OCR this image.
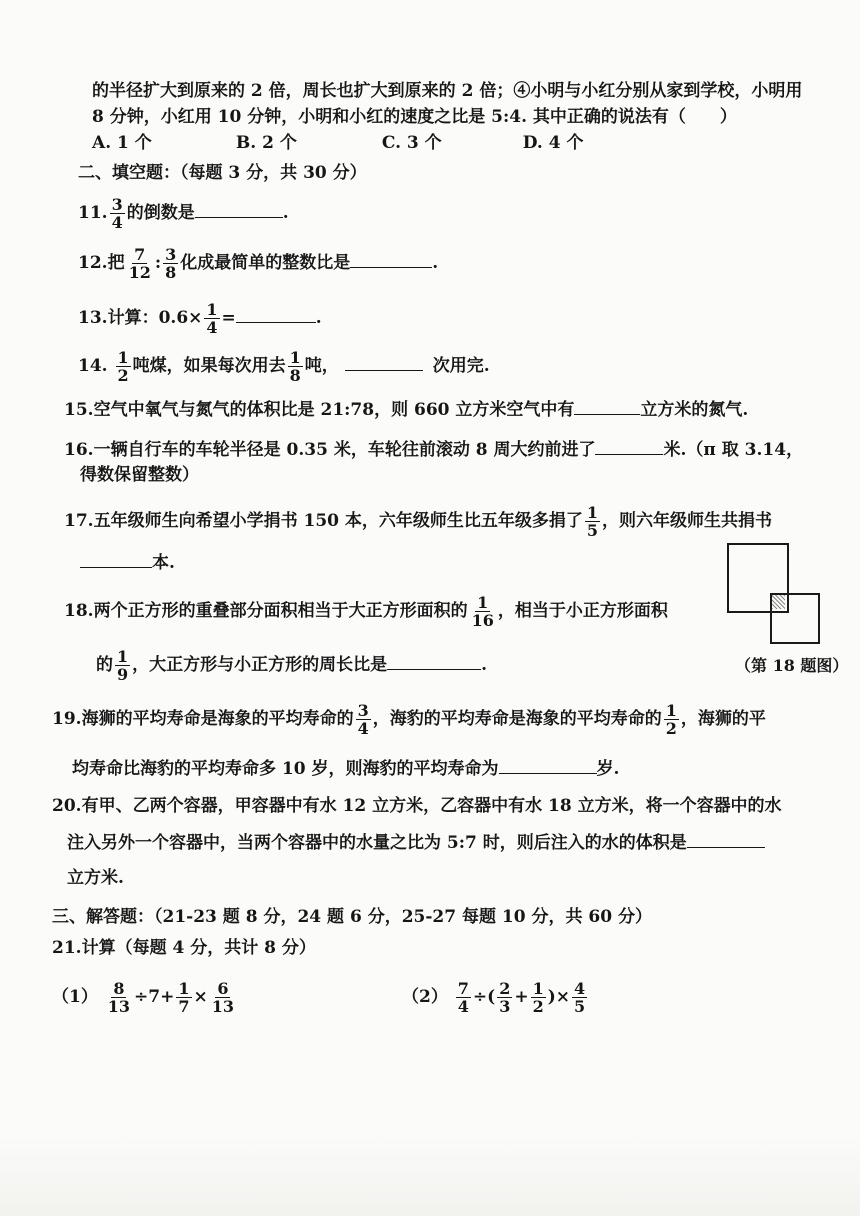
的半径扩大到原来的 2 倍，周长也扩大到原来的 2 倍；④小明与小红分别从家到学校，小明用
8 分钟，小红用 10 分钟，小明和小红的速度之比是 5:4. 其中正确的说法有（　　）
A. 1 个	B. 2 个	C. 3 个	D. 4 个
二、填空题：（每题 3 分，共 30 分）
11. $\frac{3}{4}$ 的倒数是	.
12.把 $\frac{7}{12}$ : $\frac{3}{8}$ 化成最简单的整数比是	.
13.计算：$0.6\times \frac{1}{4}$ =	.
14. $\frac{1}{2}$ 吨煤，如果每次用去 $\frac{1}{8}$ 吨，	次用完.
15.空气中氧气与氮气的体积比是 21:78，则 660 立方米空气中有	立方米的氮气.
16.一辆自行车的车轮半径是 0.35 米，车轮往前滚动 8 周大约前进了	米.（π 取 3.14，
得数保留整数）
17.五年级师生向希望小学捐书 150 本，六年级师生比五年级多捐了 $\frac{1}{5}$ ，则六年级师生共捐书
本.
18.两个正方形的重叠部分面积相当于大正方形面积的 $\frac{1}{16}$ ，相当于小正方形面积
的 $\frac{1}{9}$ ，大正方形与小正方形的周长比是	.	（第 18 题图）
19.海狮的平均寿命是海象的平均寿命的 $\frac{3}{4}$ ，海豹的平均寿命是海象的平均寿命的 $\frac{1}{2}$ ，海狮的平
均寿命比海豹的平均寿命多 10 岁，则海豹的平均寿命为	岁.
20.有甲、乙两个容器，甲容器中有水 12 立方米，乙容器中有水 18 立方米，将一个容器中的水
注入另外一个容器中，当两个容器中的水量之比为 5:7 时，则后注入的水的体积是
立方米.
三、解答题：（21-23 题 8 分，24 题 6 分，25-27 每题 10 分，共 60 分）
21.计算（每题 4 分，共计 8 分）
$(1) \frac{8}{13} \div 7+ \frac{1}{7} \times \frac{6}{13}$	$(2) \frac{7}{4}$ ÷( $\frac{2}{3} + \frac{1}{2}$ )× $\frac{4}{5}$
